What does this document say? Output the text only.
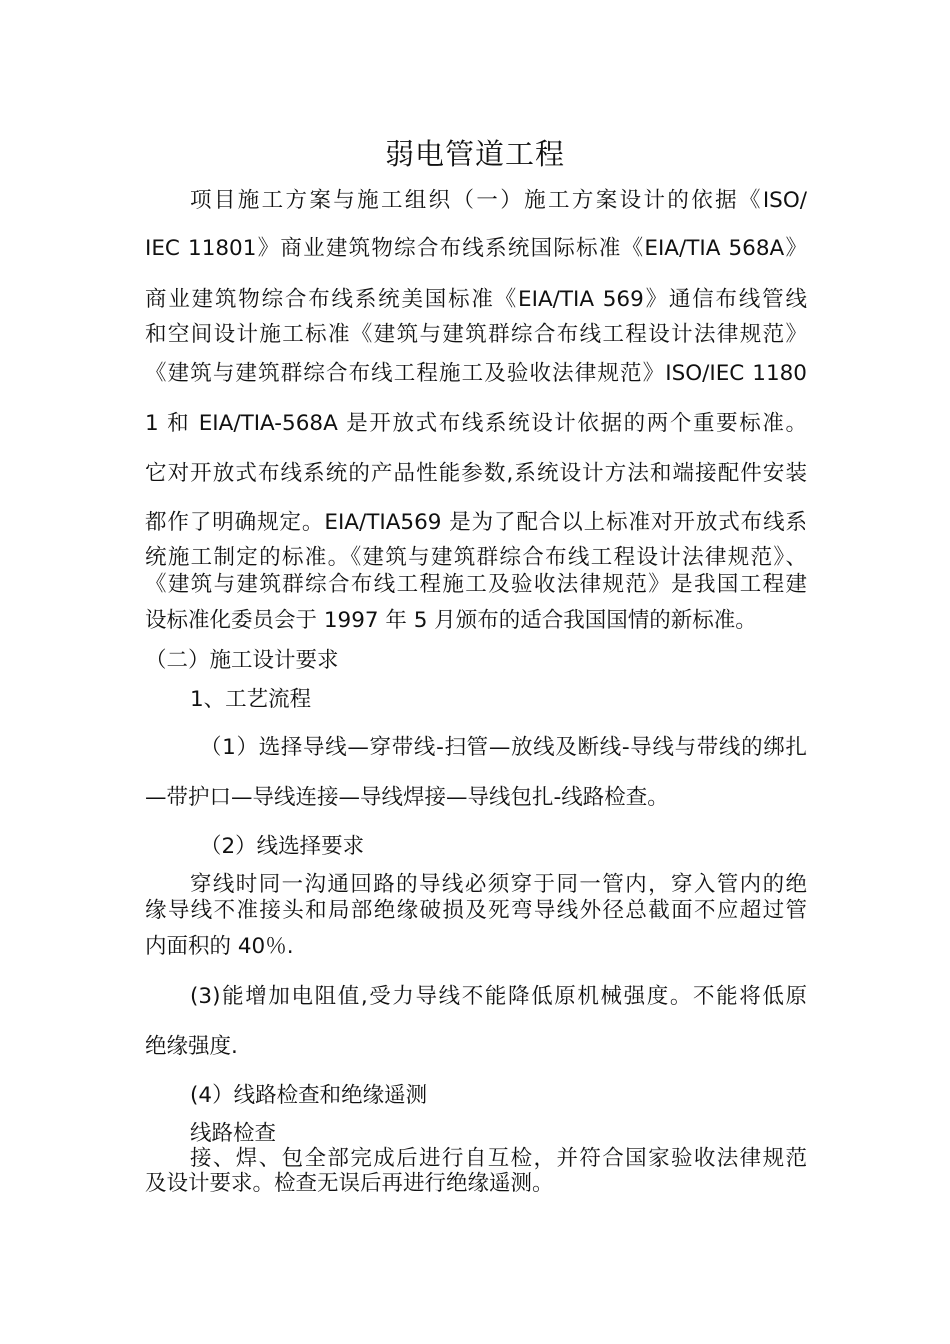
弱电管道工程
项目施工方案与施工组织（一）施工方案设计的依据《ISO/
IEC 11801》商业建筑物综合布线系统国际标准《EIA/TIA 568A》
商业建筑物综合布线系统美国标准《EIA/TIA 569》通信布线管线
和空间设计施工标准《建筑与建筑群综合布线工程设计法律规范》
《建筑与建筑群综合布线工程施工及验收法律规范》ISO/IEC 1180
1 和 EIA/TIA-568A 是开放式布线系统设计依据的两个重要标准。
它对开放式布线系统的产品性能参数,系统设计方法和端接配件安装
都作了明确规定。EIA/TIA569 是为了配合以上标准对开放式布线系
统施工制定的标准。《建筑与建筑群综合布线工程设计法律规范》、
《建筑与建筑群综合布线工程施工及验收法律规范》是我国工程建
设标准化委员会于 1997 年 5 月颁布的适合我国国情的新标准。
（二）施工设计要求
1、工艺流程
（1）选择导线—穿带线-扫管—放线及断线-导线与带线的绑扎
—带护口—导线连接—导线焊接—导线包扎-线路检查。
（2）线选择要求
穿线时同一沟通回路的导线必须穿于同一管内，穿入管内的绝
缘导线不准接头和局部绝缘破损及死弯导线外径总截面不应超过管
内面积的 40％.
(3)能增加电阻值,受力导线不能降低原机械强度。不能将低原
绝缘强度.
(4）线路检查和绝缘遥测
线路检查
接、焊、包全部完成后进行自互检，并符合国家验收法律规范
及设计要求。检查无误后再进行绝缘遥测。
